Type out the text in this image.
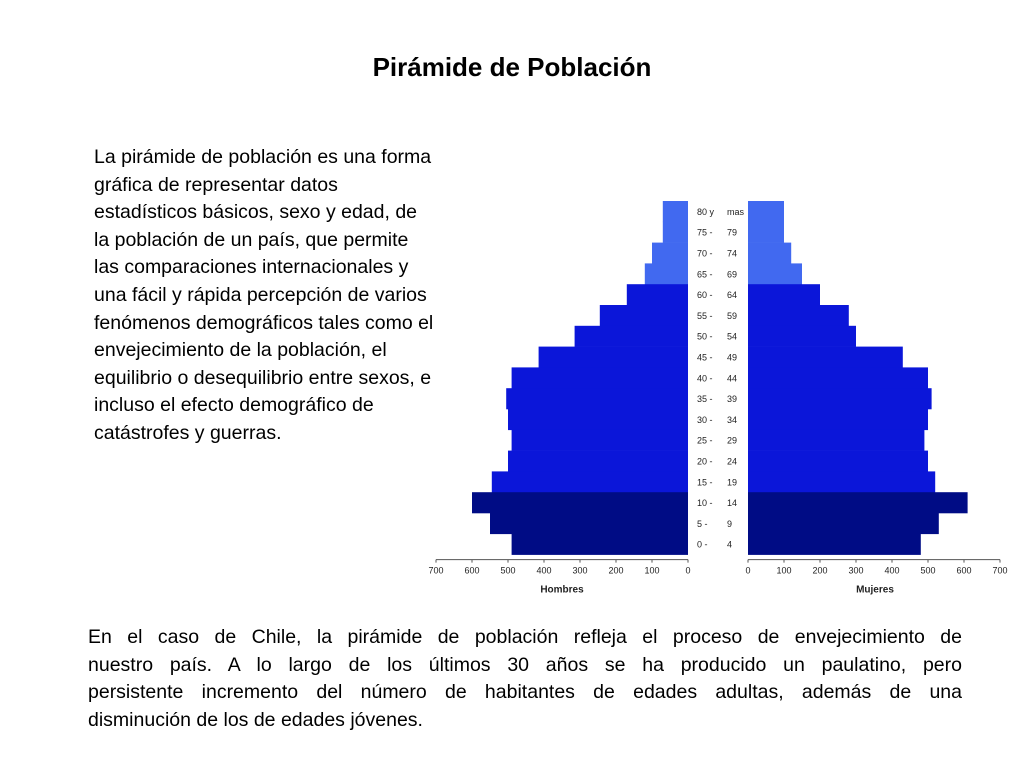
Pirámide de Población
La pirámide de población es una forma
gráfica de representar datos
estadísticos básicos, sexo y edad, de
la población de un país, que permite
las comparaciones internacionales y
una fácil y rápida percepción de varios
fenómenos demográficos tales como el
envejecimiento de la población, el
equilibrio o desequilibrio entre sexos, e
incluso el efecto demográfico de
catástrofes y guerras.
80 y mas
75 - 79
70 - 74
65 - 69
60 - 64
55 - 59
50 - 54
45 - 49
40 - 44
35 - 39
30 - 34
25 - 29
20 - 24
15 - 19
10 - 14
5 - 9
0 - 4
700 600 500 400 300 200 100	0	0	100 200 300 400 500 600 700
Hombres	Mujeres
En el caso de Chile, la pirámide de población refleja el proceso de envejecimiento de
nuestro país. A lo largo de los últimos 30 años se ha producido un paulatino, pero
persistente incremento del número de habitantes de edades adultas, además de una
disminución de los de edades jóvenes.
